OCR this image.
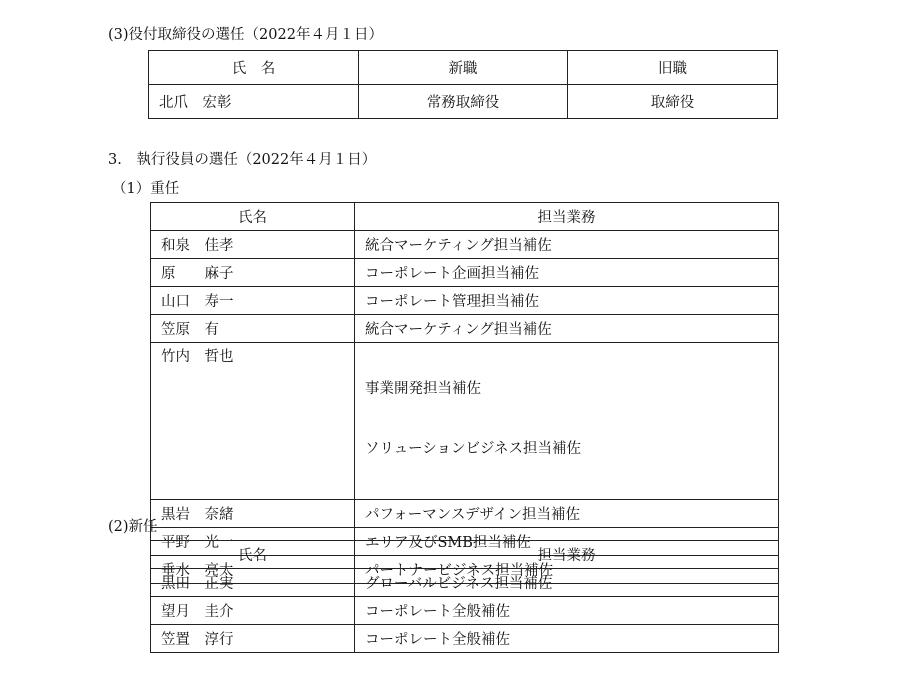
(3)役付取締役の選任（2022年４月１日）
氏　名	新職	旧職
北爪　宏彰	常務取締役	取締役
3.　執行役員の選任（2022年４月１日）
（1）重任
氏名	担当業務
和泉　佳孝	統合マーケティング担当補佐
原　　麻子	コーポレート企画担当補佐
山口　寿一	コーポレート管理担当補佐
笠原　有	統合マーケティング担当補佐

竹内　哲也	事業開発担当補佐

ソリューションビジネス担当補佐

黒岩　奈緒	パフォーマンスデザイン担当補佐
平野　光一	エリア及びSMB担当補佐
垂水　亮太	パートナービジネス担当補佐
(2)新任
氏名	担当業務
黒田　正実	グローバルビジネス担当補佐
望月　圭介	コーポレート全般補佐
笠置　淳行	コーポレート全般補佐
